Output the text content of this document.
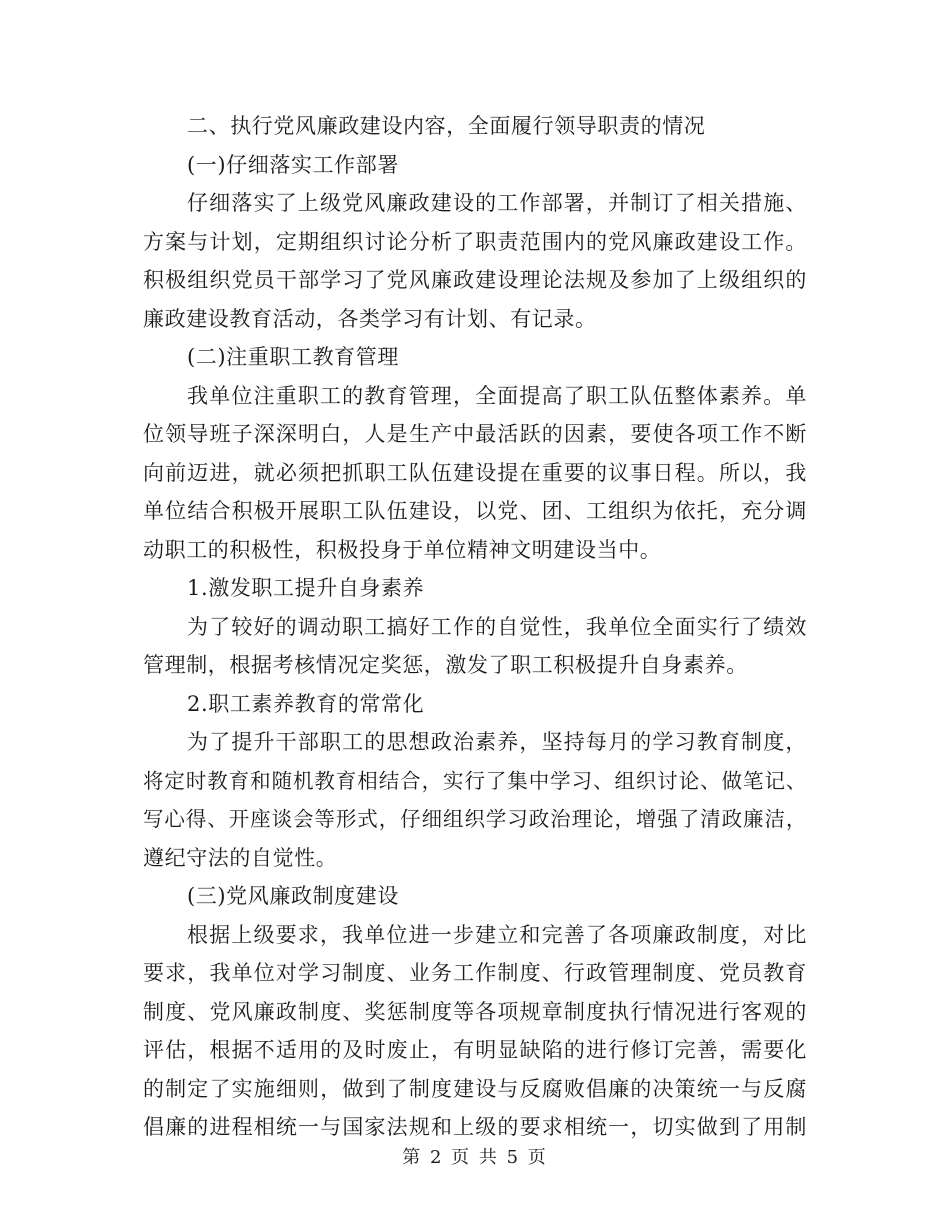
二、执行党风廉政建设内容，全面履行领导职责的情况
(一)仔细落实工作部署
仔细落实了上级党风廉政建设的工作部署，并制订了相关措施、
方案与计划，定期组织讨论分析了职责范围内的党风廉政建设工作。
积极组织党员干部学习了党风廉政建设理论法规及参加了上级组织的
廉政建设教育活动，各类学习有计划、有记录。
(二)注重职工教育管理
我单位注重职工的教育管理，全面提高了职工队伍整体素养。单
位领导班子深深明白，人是生产中最活跃的因素，要使各项工作不断
向前迈进，就必须把抓职工队伍建设提在重要的议事日程。所以，我
单位结合积极开展职工队伍建设，以党、团、工组织为依托，充分调
动职工的积极性，积极投身于单位精神文明建设当中。
1.激发职工提升自身素养
为了较好的调动职工搞好工作的自觉性，我单位全面实行了绩效
管理制，根据考核情况定奖惩，激发了职工积极提升自身素养。
2.职工素养教育的常常化
为了提升干部职工的思想政治素养，坚持每月的学习教育制度，
将定时教育和随机教育相结合，实行了集中学习、组织讨论、做笔记、
写心得、开座谈会等形式，仔细组织学习政治理论，增强了清政廉洁，
遵纪守法的自觉性。
(三)党风廉政制度建设
根据上级要求，我单位进一步建立和完善了各项廉政制度，对比
要求，我单位对学习制度、业务工作制度、行政管理制度、党员教育
制度、党风廉政制度、奖惩制度等各项规章制度执行情况进行客观的
评估，根据不适用的及时废止，有明显缺陷的进行修订完善，需要化
的制定了实施细则，做到了制度建设与反腐败倡廉的决策统一与反腐
倡廉的进程相统一与国家法规和上级的要求相统一，切实做到了用制
第 2 页 共 5 页
